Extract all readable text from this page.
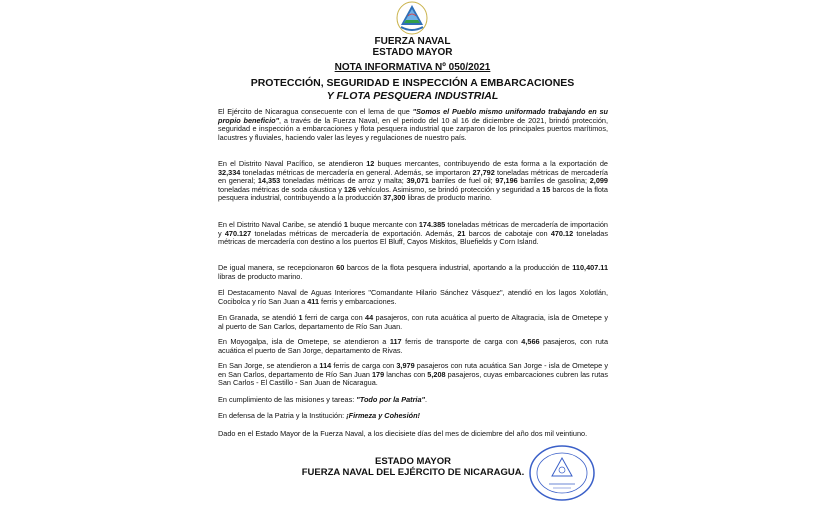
FUERZA NAVAL
ESTADO MAYOR
NOTA INFORMATIVA Nº 050/2021
PROTECCIÓN, SEGURIDAD E INSPECCIÓN A EMBARCACIONES
Y FLOTA PESQUERA INDUSTRIAL

El Ejército de Nicaragua consecuente con el lema de que "Somos el Pueblo mismo uniformado trabajando en su propio beneficio", a través de la Fuerza Naval, en el periodo del 10 al 16 de diciembre de 2021, brindó protección, seguridad e inspección a embarcaciones y flota pesquera industrial que zarparon de los principales puertos marítimos, lacustres y fluviales, haciendo valer las leyes y regulaciones de nuestro país.

En el Distrito Naval Pacífico, se atendieron 12 buques mercantes, contribuyendo de esta forma a la exportación de 32,334 toneladas métricas de mercadería en general. Además, se importaron 27,792 toneladas métricas de mercadería en general; 14,353 toneladas métricas de arroz y malta; 39,071 barriles de fuel oil; 97,196 barriles de gasolina; 2,099 toneladas métricas de soda cáustica y 126 vehículos. Asimismo, se brindó protección y seguridad a 15 barcos de la flota pesquera industrial, contribuyendo a la producción 37,300 libras de producto marino.

En el Distrito Naval Caribe, se atendió 1 buque mercante con 174.385 toneladas métricas de mercadería de importación y 470.127 toneladas métricas de mercadería de exportación. Además, 21 barcos de cabotaje con 470.12 toneladas métricas de mercadería con destino a los puertos El Bluff, Cayos Miskitos, Bluefields y Corn Island.

De igual manera, se recepcionaron 60 barcos de la flota pesquera industrial, aportando a la producción de 110,407.11 libras de producto marino.

El Destacamento Naval de Aguas Interiores "Comandante Hilario Sánchez Vásquez", atendió en los lagos Xolotlán, Cocibolca y río San Juan a 411 ferris y embarcaciones.

En Granada, se atendió 1 ferri de carga con 44 pasajeros, con ruta acuática al puerto de Altagracia, isla de Ometepe y al puerto de San Carlos, departamento de Río San Juan.

En Moyogalpa, isla de Ometepe, se atendieron a 117 ferris de transporte de carga con 4,566 pasajeros, con ruta acuática el puerto de San Jorge, departamento de Rivas.

En San Jorge, se atendieron a 114 ferris de carga con 3,979 pasajeros con ruta acuática San Jorge - isla de Ometepe y en San Carlos, departamento de Río San Juan 179 lanchas con 5,208 pasajeros, cuyas embarcaciones cubren las rutas San Carlos - El Castillo - San Juan de Nicaragua.

En cumplimiento de las misiones y tareas: "Todo por la Patria".

En defensa de la Patria y la Institución: ¡Firmeza y Cohesión!

Dado en el Estado Mayor de la Fuerza Naval, a los diecisiete días del mes de diciembre del año dos mil veintiuno.

ESTADO MAYOR
FUERZA NAVAL DEL EJÉRCITO DE NICARAGUA.
